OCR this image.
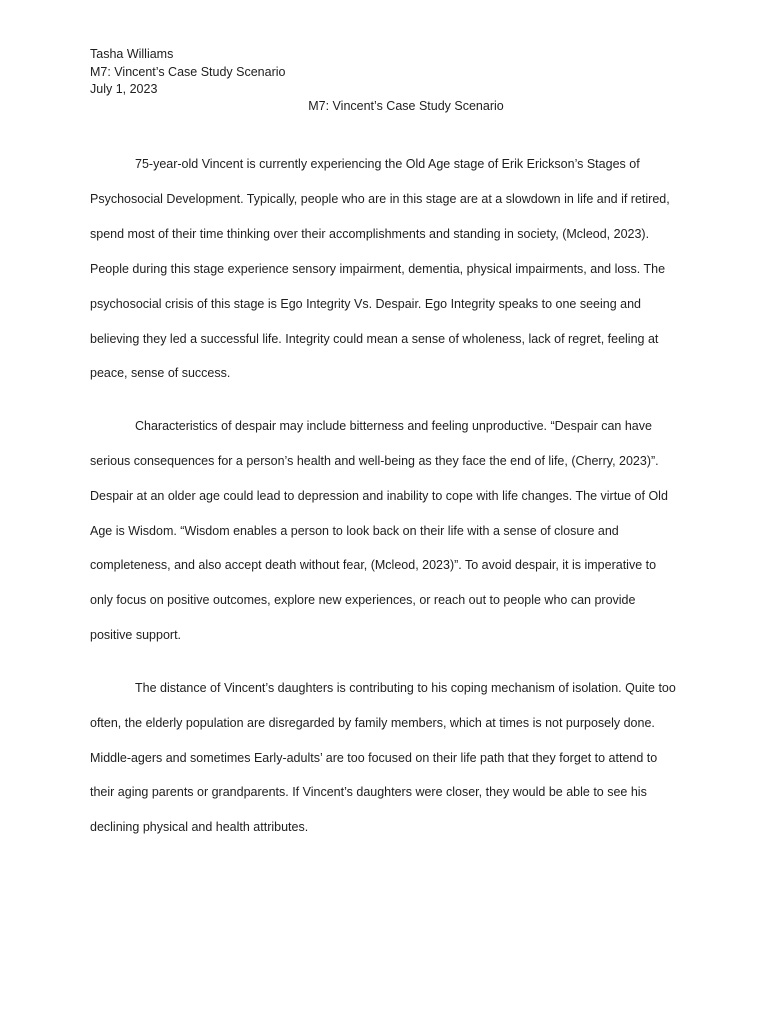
Tasha Williams
M7: Vincent’s Case Study Scenario
July 1, 2023
M7: Vincent’s Case Study Scenario

75-year-old Vincent is currently experiencing the Old Age stage of Erik Erickson’s Stages of Psychosocial Development. Typically, people who are in this stage are at a slowdown in life and if retired, spend most of their time thinking over their accomplishments and standing in society, (Mcleod, 2023). People during this stage experience sensory impairment, dementia, physical impairments, and loss. The psychosocial crisis of this stage is Ego Integrity Vs. Despair. Ego Integrity speaks to one seeing and believing they led a successful life. Integrity could mean a sense of wholeness, lack of regret, feeling at peace, sense of success.

Characteristics of despair may include bitterness and feeling unproductive. “Despair can have serious consequences for a person’s health and well-being as they face the end of life, (Cherry, 2023)”. Despair at an older age could lead to depression and inability to cope with life changes. The virtue of Old Age is Wisdom. “Wisdom enables a person to look back on their life with a sense of closure and completeness, and also accept death without fear, (Mcleod, 2023)”. To avoid despair, it is imperative to only focus on positive outcomes, explore new experiences, or reach out to people who can provide positive support.

The distance of Vincent’s daughters is contributing to his coping mechanism of isolation. Quite too often, the elderly population are disregarded by family members, which at times is not purposely done. Middle-agers and sometimes Early-adults’ are too focused on their life path that they forget to attend to their aging parents or grandparents. If Vincent’s daughters were closer, they would be able to see his declining physical and health attributes.
